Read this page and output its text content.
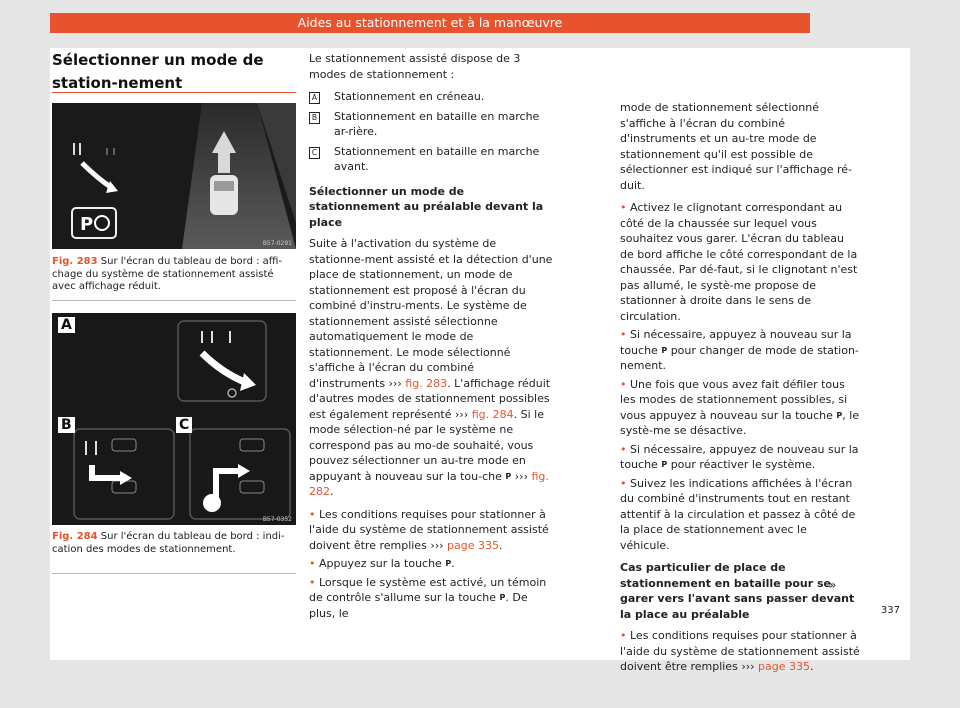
Aides au stationnement et à la manœuvre
Sélectionner un mode de station-nement
P
B57-0291
Fig. 283 Sur l'écran du tableau de bord : affi-chage du système de stationnement assisté avec affichage réduit.
A
B	C
B57-0352
Fig. 284 Sur l'écran du tableau de bord : indi-cation des modes de stationnement.

Le stationnement assisté dispose de 3 modes de stationnement :

A Stationnement en créneau.
B Stationnement en bataille en marche ar-rière.
C Stationnement en bataille en marche avant.

Sélectionner un mode de stationnement au préalable devant la place

Suite à l'activation du système de stationne-ment assisté et la détection d'une place de stationnement, un mode de stationnement est proposé à l'écran du combiné d'instru-ments. Le système de stationnement assisté sélectionne automatiquement le mode de stationnement. Le mode sélectionné s'affiche à l'écran du combiné d'instruments ››› fig. 283. L'affichage réduit d'autres modes de stationnement possibles est également représenté ››› fig. 284. Si le mode sélection-né par le système ne correspond pas au mo-de souhaité, vous pouvez sélectionner un au-tre mode en appuyant à nouveau sur la tou-che P ››› fig. 282.

• Les conditions requises pour stationner à l'aide du système de stationnement assisté doivent être remplies ››› page 335.

• Appuyez sur la touche P.

• Lorsque le système est activé, un témoin de contrôle s'allume sur la touche P. De plus, le

mode de stationnement sélectionné s'affiche à l'écran du combiné d'instruments et un au-tre mode de stationnement qu'il est possible de sélectionner est indiqué sur l'affichage ré-duit.

• Activez le clignotant correspondant au côté de la chaussée sur lequel vous souhaitez vous garer. L'écran du tableau de bord affiche le côté correspondant de la chaussée. Par dé-faut, si le clignotant n'est pas allumé, le systè-me propose de stationner à droite dans le sens de circulation.

• Si nécessaire, appuyez à nouveau sur la touche P pour changer de mode de station-nement.

• Une fois que vous avez fait défiler tous les modes de stationnement possibles, si vous appuyez à nouveau sur la touche P, le systè-me se désactive.

• Si nécessaire, appuyez de nouveau sur la touche P pour réactiver le système.

• Suivez les indications affichées à l'écran du combiné d'instruments tout en restant attentif à la circulation et passez à côté de la place de stationnement avec le véhicule.

Cas particulier de place de stationnement en bataille pour se garer vers l'avant sans passer devant la place au préalable

• Les conditions requises pour stationner à l'aide du système de stationnement assisté doivent être remplies ››› page 335.

»
337
